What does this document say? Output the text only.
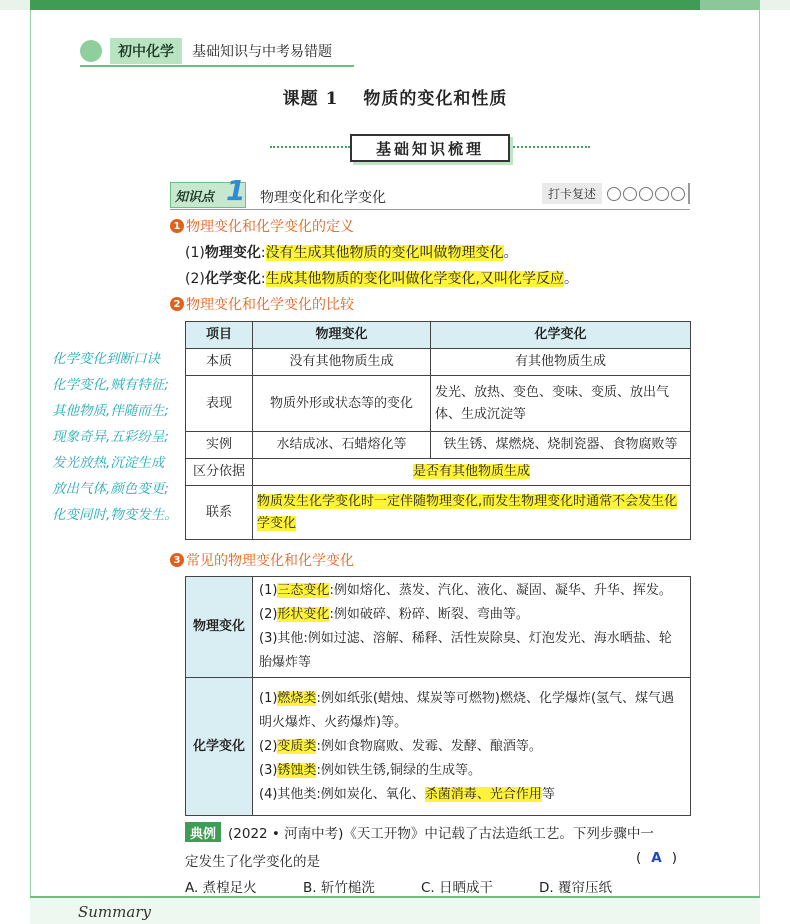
初中化学	基础知识与中考易错题
课题 1 　物质的变化和性质
基础知识梳理
知识点 1 物理变化和化学变化	打卡复述
1 物理变化和化学变化的定义
(1)物理变化:没有生成其他物质的变化叫做物理变化。
(2)化学变化:生成其他物质的变化叫做化学变化,又叫化学反应。
2 物理变化和化学变化的比较
项目	物理变化	化学变化
本质	没有其他物质生成	有其他物质生成
表现	物质外形或状态等的变化	发光、放热、变色、变味、变质、放出气体、生成沉淀等
实例	水结成冰、石蜡熔化等	铁生锈、煤燃烧、烧制瓷器、食物腐败等
区分依据	是否有其他物质生成	
联系	物质发生化学变化时一定伴随物理变化,而发生物理变化时通常不会发生化学变化	
化学变化到断口诀
化学变化,贼有特征;
其他物质,伴随而生;
现象奇异,五彩纷呈;
发光放热,沉淀生成
放出气体,颜色变更;
化变同时,物变发生。
3 常见的物理变化和化学变化
物理变化	(1)三态变化:例如熔化、蒸发、汽化、液化、凝固、凝华、升华、挥发。
(2)形状变化:例如破碎、粉碎、断裂、弯曲等。
(3)其他:例如过滤、溶解、稀释、活性炭除臭、灯泡发光、海水晒盐、轮胎爆炸等

化学变化	(1)燃烧类:例如纸张(蜡烛、煤炭等可燃物)燃烧、化学爆炸(氢气、煤气遇明火爆炸、火药爆炸)等。
(2)变质类:例如食物腐败、发霉、发酵、酿酒等。
(3)锈蚀类:例如铁生锈,铜绿的生成等。
(4)其他类:例如炭化、氧化、杀菌消毒、光合作用等
典例 (2022 • 河南中考)《天工开物》中记载了古法造纸工艺。下列步骤中一
定发生了化学变化的是	( A )
A. 煮楻足火	B. 斩竹槌洗	C. 日晒成干	D. 覆帘压纸
Summary
